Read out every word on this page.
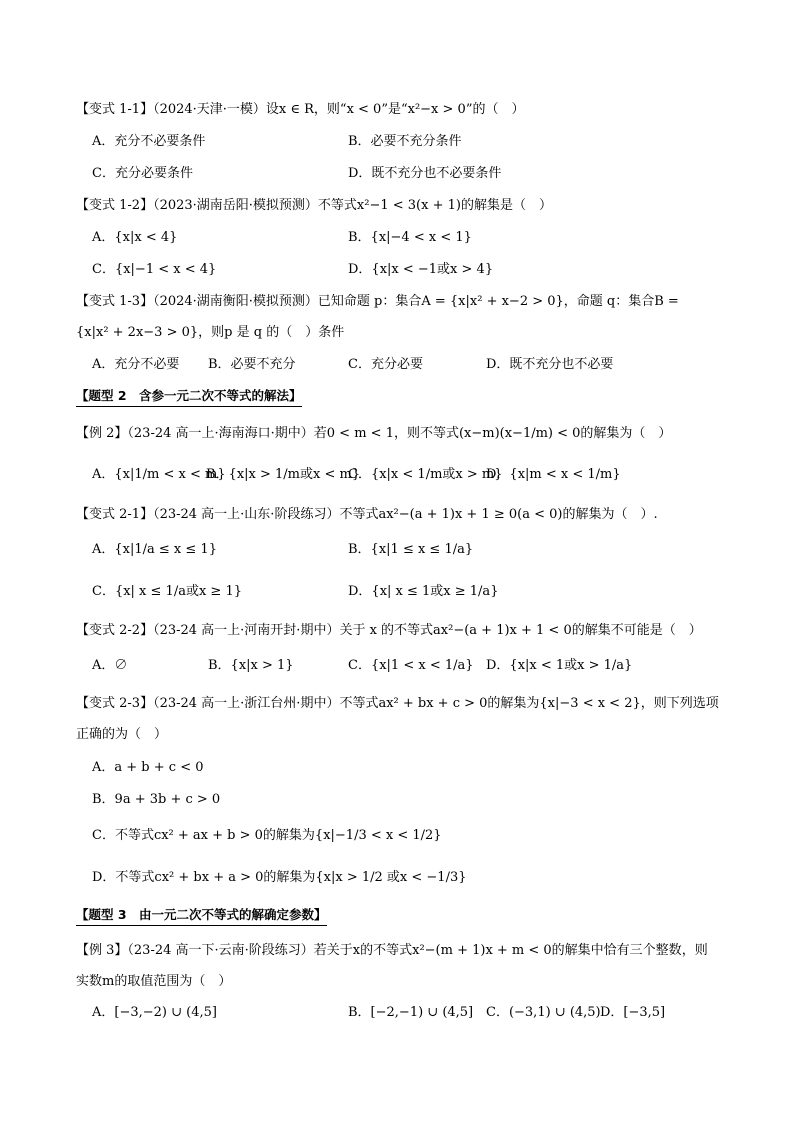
【变式 1-1】（2024·天津·一模）设x ∈ R，则“x < 0”是“x²−x > 0”的（　）
A．充分不必要条件	B．必要不充分条件
C．充分必要条件	D．既不充分也不必要条件
【变式 1-2】（2023·湖南岳阳·模拟预测）不等式x²−1 < 3(x + 1)的解集是（　）
A．{x|x < 4}	B．{x|−4 < x < 1}
C．{x|−1 < x < 4}	D．{x|x < −1或x > 4}
【变式 1-3】（2024·湖南衡阳·模拟预测）已知命题 p：集合A = {x|x² + x−2 > 0}，命题 q：集合B =
{x|x² + 2x−3 > 0}，则p 是 q 的（　）条件
A．充分不必要 B．必要不充分	C．充分必要	D．既不充分也不必要
【题型 2　含参一元二次不等式的解法】
【例 2】（23-24 高一上·海南海口·期中）若0 < m < 1，则不等式(x−m)(x−1/m) < 0的解集为（　）
A．{x|1/m < x < m}
B．{x|x > 1/m或x < m}
C．{x|x < 1/m或x > m}
D．{x|m < x < 1/m}
【变式 2-1】（23-24 高一上·山东·阶段练习）不等式ax²−(a + 1)x + 1 ≥ 0(a < 0)的解集为（　）.
A．{x|1/a ≤ x ≤ 1}	B．{x|1 ≤ x ≤ 1/a}
C．{x| x ≤ 1/a或x ≥ 1}	D．{x| x ≤ 1或x ≥ 1/a}
【变式 2-2】（23-24 高一上·河南开封·期中）关于 x 的不等式ax²−(a + 1)x + 1 < 0的解集不可能是（　）
A．∅	B．{x|x > 1}	C．{x|1 < x < 1/a} D．{x|x < 1或x > 1/a}
【变式 2-3】（23-24 高一上·浙江台州·期中）不等式ax² + bx + c > 0的解集为{x|−3 < x < 2}，则下列选项
正确的为（　）
A．a + b + c < 0
B．9a + 3b + c > 0
C．不等式cx² + ax + b > 0的解集为{x|−1/3 < x < 1/2}
D．不等式cx² + bx + a > 0的解集为{x|x > 1/2 或x < −1/3}
【题型 3　由一元二次不等式的解确定参数】
【例 3】（23-24 高一下·云南·阶段练习）若关于x的不等式x²−(m + 1)x + m < 0的解集中恰有三个整数，则
实数m的取值范围为（　）
A．[−3,−2) ∪ (4,5]	B．[−2,−1) ∪ (4,5] C．(−3,1) ∪ (4,5) D．[−3,5]
